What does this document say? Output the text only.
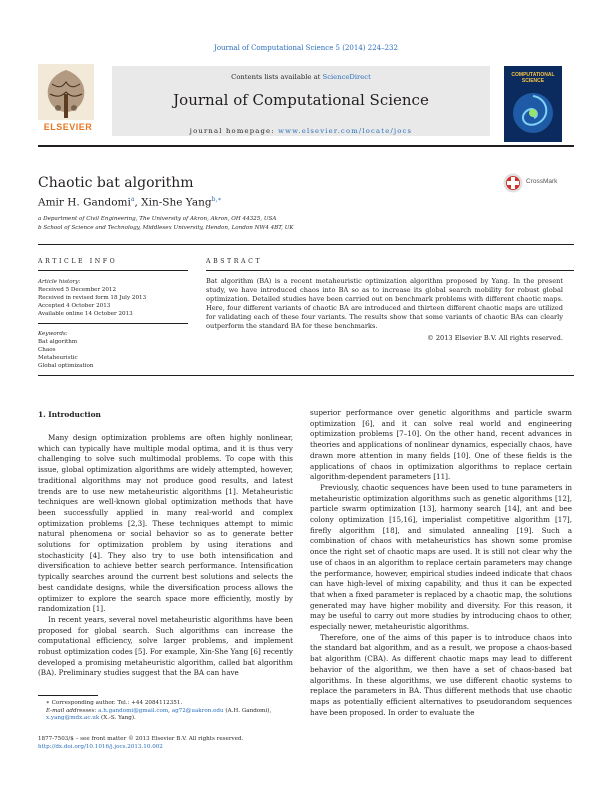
Journal of Computational Science 5 (2014) 224–232
ELSEVIER
Contents lists available at ScienceDirect
Journal of Computational Science
journal homepage: www.elsevier.com/locate/jocs
COMPUTATIONAL SCIENCE
Chaotic bat algorithm	CrossMark
Amir H. Gandomi$^a$, Xin-She Yang$^{b,∗}$
a Department of Civil Engineering, The University of Akron, Akron, OH 44325, USA
b School of Science and Technology, Middlesex University, Hendon, London NW4 4BT, UK
ARTICLE INFO
Article history:
Received 5 December 2012
Received in revised form 18 July 2013
Accepted 4 October 2013
Available online 14 October 2013
Keywords:
Bat algorithm
Chaos
Metaheuristic
Global optimization
ABSTRACT
Bat algorithm (BA) is a recent metaheuristic optimization algorithm proposed by Yang. In the present study, we have introduced chaos into BA so as to increase its global search mobility for robust global optimization. Detailed studies have been carried out on benchmark problems with different chaotic maps. Here, four different variants of chaotic BA are introduced and thirteen different chaotic maps are utilized for validating each of these four variants. The results show that some variants of chaotic BAs can clearly outperform the standard BA for these benchmarks.
© 2013 Elsevier B.V. All rights reserved.
1. Introduction

Many design optimization problems are often highly nonlinear, which can typically have multiple modal optima, and it is thus very challenging to solve such multimodal problems. To cope with this issue, global optimization algorithms are widely attempted, however, traditional algorithms may not produce good results, and latest trends are to use new metaheuristic algorithms [1]. Metaheuristic techniques are well-known global optimization methods that have been successfully applied in many real-world and complex optimization problems [2,3]. These techniques attempt to mimic natural phenomena or social behavior so as to generate better solutions for optimization problem by using iterations and stochasticity [4]. They also try to use both intensification and diversification to achieve better search performance. Intensification typically searches around the current best solutions and selects the best candidate designs, while the diversification process allows the optimizer to explore the search space more efficiently, mostly by randomization [1].

In recent years, several novel metaheuristic algorithms have been proposed for global search. Such algorithms can increase the computational efficiency, solve larger problems, and implement robust optimization codes [5]. For example, Xin-She Yang [6] recently developed a promising metaheuristic algorithm, called bat algorithm (BA). Preliminary studies suggest that the BA can have

superior performance over genetic algorithms and particle swarm optimization [6], and it can solve real world and engineering optimization problems [7–10]. On the other hand, recent advances in theories and applications of nonlinear dynamics, especially chaos, have drawn more attention in many fields [10]. One of these fields is the applications of chaos in optimization algorithms to replace certain algorithm-dependent parameters [11].

Previously, chaotic sequences have been used to tune parameters in metaheuristic optimization algorithms such as genetic algorithms [12], particle swarm optimization [13], harmony search [14], ant and bee colony optimization [15,16], imperialist competitive algorithm [17], firefly algorithm [18], and simulated annealing [19]. Such a combination of chaos with metaheuristics has shown some promise once the right set of chaotic maps are used. It is still not clear why the use of chaos in an algorithm to replace certain parameters may change the performance, however, empirical studies indeed indicate that chaos can have high-level of mixing capability, and thus it can be expected that when a fixed parameter is replaced by a chaotic map, the solutions generated may have higher mobility and diversity. For this reason, it may be useful to carry out more studies by introducing chaos to other, especially newer, metaheuristic algorithms.

Therefore, one of the aims of this paper is to introduce chaos into the standard bat algorithm, and as a result, we propose a chaos-based bat algorithm (CBA). As different chaotic maps may lead to different behavior of the algorithm, we then have a set of chaos-based bat algorithms. In these algorithms, we use different chaotic systems to replace the parameters in BA. Thus different methods that use chaotic maps as potentially efficient alternatives to pseudorandom sequences have been proposed. In order to evaluate the

∗ Corresponding author. Tel.: +44 2084112351.
E-mail addresses: a.h.gandomi@gmail.com, ag72@uakron.edu (A.H. Gandomi),
x.yang@mdx.ac.uk (X.-S. Yang).
1877-7503/$ – see front matter © 2013 Elsevier B.V. All rights reserved.
http://dx.doi.org/10.1016/j.jocs.2013.10.002
